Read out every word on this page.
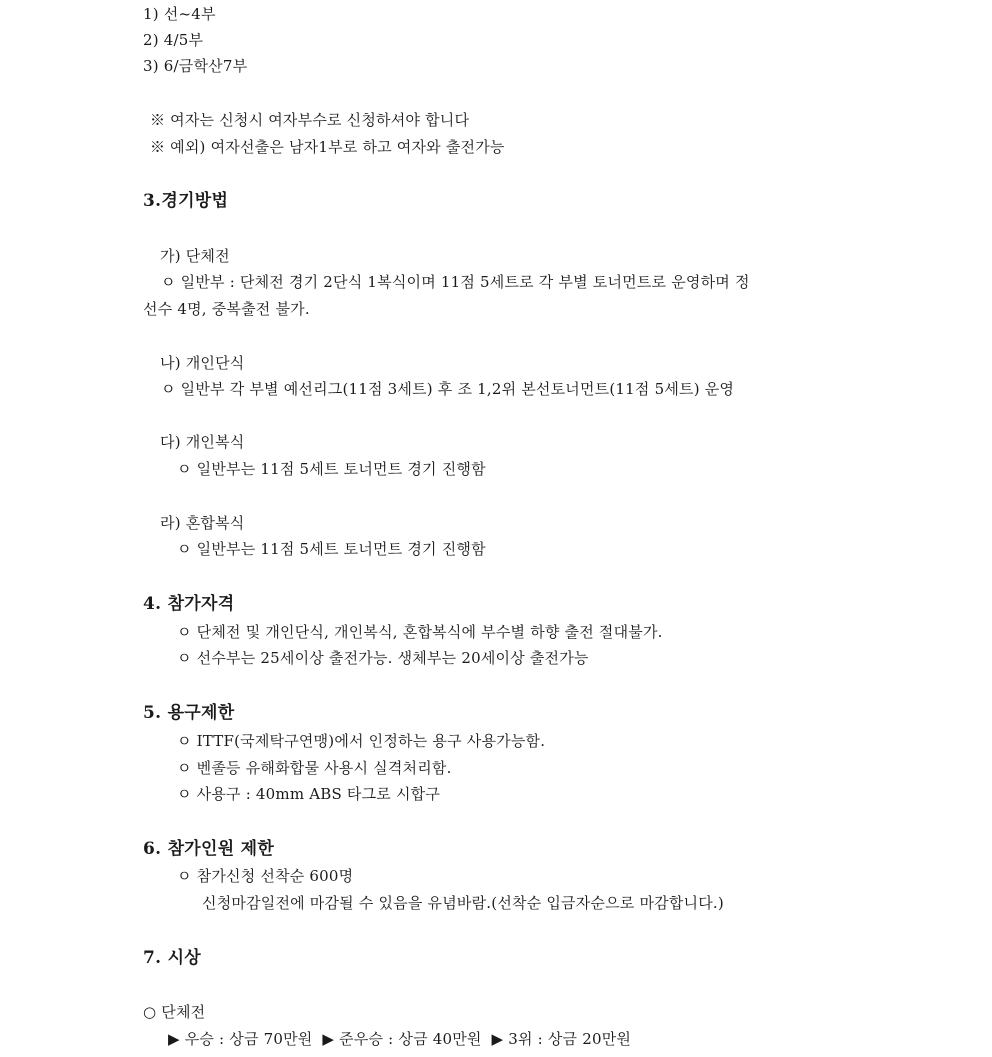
1) 선~4부
2) 4/5부
3) 6/금학산7부
※ 여자는 신청시 여자부수로 신청하셔야 합니다
※ 예외) 여자선출은 남자1부로 하고 여자와 출전가능
3.경기방법
가) 단체전
ㅇ 일반부 : 단체전 경기 2단식 1복식이며 11점 5세트로 각 부별 토너먼트로 운영하며 정
선수 4명, 중복출전 불가.
나) 개인단식
ㅇ 일반부 각 부별 예선리그(11점 3세트) 후 조 1,2위 본선토너먼트(11점 5세트) 운영
다) 개인복식
ㅇ 일반부는 11점 5세트 토너먼트 경기 진행함
라) 혼합복식
ㅇ 일반부는 11점 5세트 토너먼트 경기 진행함
4. 참가자격
ㅇ 단체전 및 개인단식, 개인복식, 혼합복식에 부수별 하향 출전 절대불가.
ㅇ 선수부는 25세이상 출전가능. 생체부는 20세이상 출전가능
5. 용구제한
ㅇ ITTF(국제탁구연맹)에서 인정하는 용구 사용가능함.
ㅇ 벤졸등 유해화합물 사용시 실격처리함.
ㅇ 사용구 : 40mm ABS 타그로 시합구
6. 참가인원 제한
ㅇ 참가신청 선착순 600명
신청마감일전에 마감될 수 있음을 유념바람.(선착순 입금자순으로 마감합니다.)
7. 시상
○ 단체전
▶ 우승 : 상금 70만원  ▶ 준우승 : 상금 40만원  ▶ 3위 : 상금 20만원
